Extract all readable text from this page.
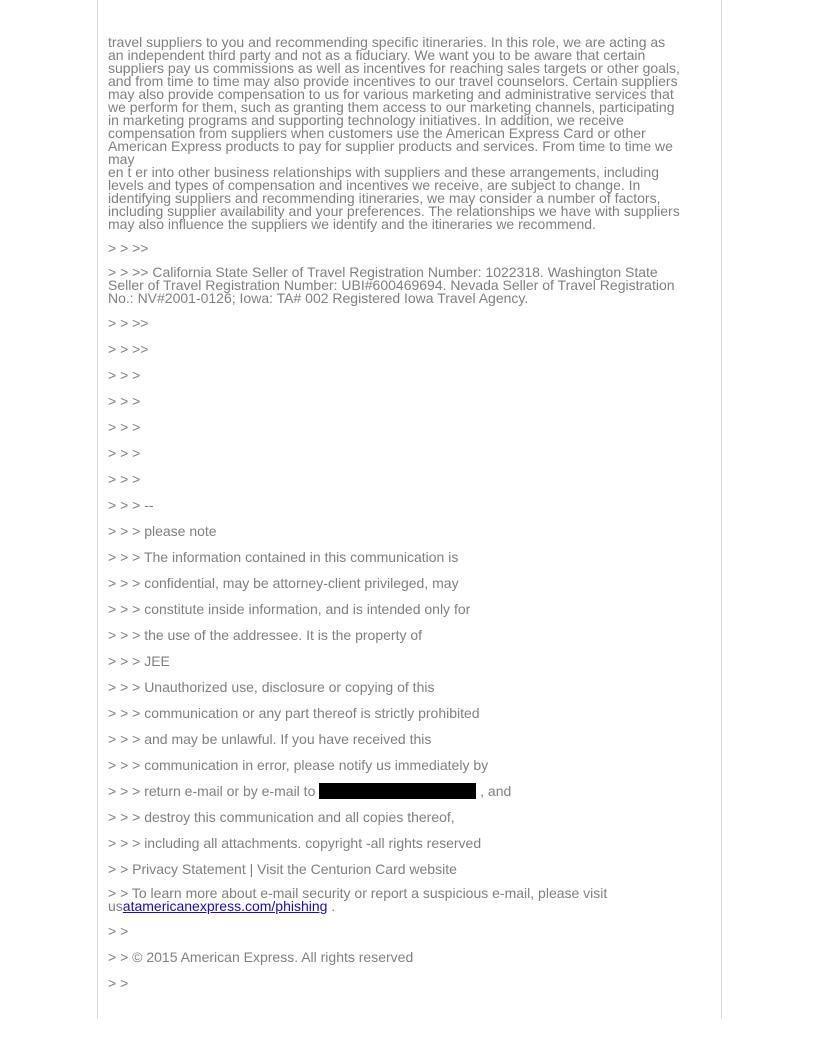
travel suppliers to you and recommending specific itineraries. In this role, we are acting as
an independent third party and not as a fiduciary. We want you to be aware that certain
suppliers pay us commissions as well as incentives for reaching sales targets or other goals,
and from time to time may also provide incentives to our travel counselors. Certain suppliers
may also provide compensation to us for various marketing and administrative services that
we perform for them, such as granting them access to our marketing channels, participating
in marketing programs and supporting technology initiatives. In addition, we receive
compensation from suppliers when customers use the American Express Card or other
American Express products to pay for supplier products and services. From time to time we
may
en t er into other business relationships with suppliers and these arrangements, including
levels and types of compensation and incentives we receive, are subject to change. In
identifying suppliers and recommending itineraries, we may consider a number of factors,
including supplier availability and your preferences. The relationships we have with suppliers
may also influence the suppliers we identify and the itineraries we recommend.
> > >>
> > >> California State Seller of Travel Registration Number: 1022318. Washington State
Seller of Travel Registration Number: UBI#600469694. Nevada Seller of Travel Registration
No.: NV#2001-0126; Iowa: TA# 002 Registered Iowa Travel Agency.
> > >>
> > >>
> > >
> > >
> > >
> > >
> > >
> > > --
> > > please note
> > > The information contained in this communication is
> > > confidential, may be attorney-client privileged, may
> > > constitute inside information, and is intended only for
> > > the use of the addressee. It is the property of
> > > JEE
> > > Unauthorized use, disclosure or copying of this
> > > communication or any part thereof is strictly prohibited
> > > and may be unlawful. If you have received this
> > > communication in error, please notify us immediately by
> > > return e-mail or by e-mail to	, and
> > > destroy this communication and all copies thereof,
> > > including all attachments. copyright -all rights reserved
> > Privacy Statement | Visit the Centurion Card website
> > To learn more about e-mail security or report a suspicious e-mail, please visit
usatamericanexpress.com/phishing .
> >
> > © 2015 American Express. All rights reserved
> >
